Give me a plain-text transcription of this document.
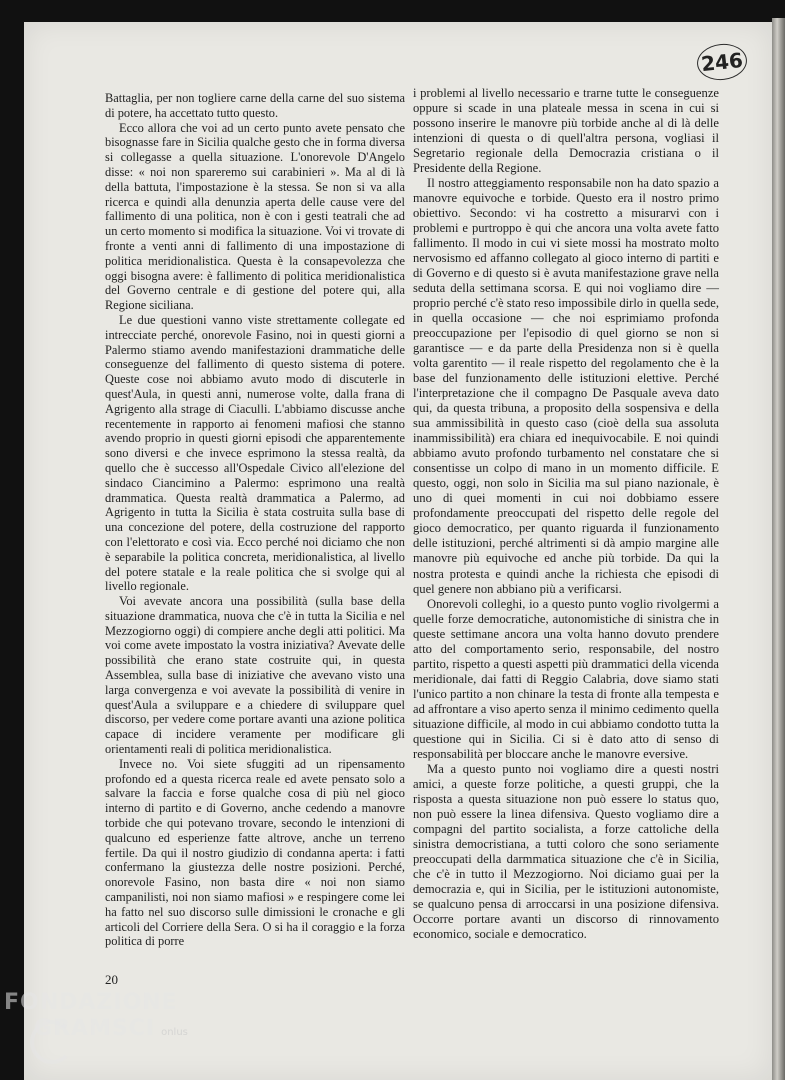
246

Battaglia, per non togliere carne della carne del suo sistema di potere, ha accettato tutto questo.

Ecco allora che voi ad un certo punto avete pensato che bisognasse fare in Sicilia qualche gesto che in forma diversa si collegasse a quella situazione. L'onorevole D'Angelo disse: « noi non spareremo sui carabinieri ». Ma al di là della battuta, l'impostazione è la stessa. Se non si va alla ricerca e quindi alla denunzia aperta delle cause vere del fallimento di una politica, non è con i gesti teatrali che ad un certo momento si modifica la situazione. Voi vi trovate di fronte a venti anni di fallimento di una impostazione di politica meridionalistica. Questa è la consapevolezza che oggi bisogna avere: è fallimento di politica meridionalistica del Governo centrale e di gestione del potere qui, alla Regione siciliana.

Le due questioni vanno viste strettamente collegate ed intrecciate perché, onorevole Fasino, noi in questi giorni a Palermo stiamo avendo manifestazioni drammatiche delle conseguenze del fallimento di questo sistema di potere. Queste cose noi abbiamo avuto modo di discuterle in quest'Aula, in questi anni, numerose volte, dalla frana di Agrigento alla strage di Ciaculli. L'abbiamo discusse anche recentemente in rapporto ai fenomeni mafiosi che stanno avendo proprio in questi giorni episodi che apparentemente sono diversi e che invece esprimono la stessa realtà, da quello che è successo all'Ospedale Civico all'elezione del sindaco Ciancimino a Palermo: esprimono una realtà drammatica. Questa realtà drammatica a Palermo, ad Agrigento in tutta la Sicilia è stata costruita sulla base di una concezione del potere, della costruzione del rapporto con l'elettorato e così via. Ecco perché noi diciamo che non è separabile la politica concreta, meridionalistica, al livello del potere statale e la reale politica che si svolge qui al livello regionale.

Voi avevate ancora una possibilità (sulla base della situazione drammatica, nuova che c'è in tutta la Sicilia e nel Mezzogiorno oggi) di compiere anche degli atti politici. Ma voi come avete impostato la vostra iniziativa? Avevate delle possibilità che erano state costruite qui, in questa Assemblea, sulla base di iniziative che avevano visto una larga convergenza e voi avevate la possibilità di venire in quest'Aula a sviluppare e a chiedere di sviluppare quel discorso, per vedere come portare avanti una azione politica capace di incidere veramente per modificare gli orientamenti reali di politica meridionalistica.

Invece no. Voi siete sfuggiti ad un ripensamento profondo ed a questa ricerca reale ed avete pensato solo a salvare la faccia e forse qualche cosa di più nel gioco interno di partito e di Governo, anche cedendo a manovre torbide che qui potevano trovare, secondo le intenzioni di qualcuno ed esperienze fatte altrove, anche un terreno fertile. Da qui il nostro giudizio di condanna aperta: i fatti confermano la giustezza delle nostre posizioni. Perché, onorevole Fasino, non basta dire « noi non siamo campanilisti, noi non siamo mafiosi » e respingere come lei ha fatto nel suo discorso sulle dimissioni le cronache e gli articoli del Corriere della Sera. O si ha il coraggio e la forza politica di porre

i problemi al livello necessario e trarne tutte le conseguenze oppure si scade in una plateale messa in scena in cui si possono inserire le manovre più torbide anche al di là delle intenzioni di questa o di quell'altra persona, vogliasi il Segretario regionale della Democrazia cristiana o il Presidente della Regione.

Il nostro atteggiamento responsabile non ha dato spazio a manovre equivoche e torbide. Questo era il nostro primo obiettivo. Secondo: vi ha costretto a misurarvi con i problemi e purtroppo è qui che ancora una volta avete fatto fallimento. Il modo in cui vi siete mossi ha mostrato molto nervosismo ed affanno collegato al gioco interno di partiti e di Governo e di questo si è avuta manifestazione grave nella seduta della settimana scorsa. E qui noi vogliamo dire — proprio perché c'è stato reso impossibile dirlo in quella sede, in quella occasione — che noi esprimiamo profonda preoccupazione per l'episodio di quel giorno se non si garantisce — e da parte della Presidenza non si è quella volta garentito — il reale rispetto del regolamento che è la base del funzionamento delle istituzioni elettive. Perché l'interpretazione che il compagno De Pasquale aveva dato qui, da questa tribuna, a proposito della sospensiva e della sua ammissibilità in questo caso (cioè della sua assoluta inammissibilità) era chiara ed inequivocabile. E noi quindi abbiamo avuto profondo turbamento nel constatare che si consentisse un colpo di mano in un momento difficile. E questo, oggi, non solo in Sicilia ma sul piano nazionale, è uno di quei momenti in cui noi dobbiamo essere profondamente preoccupati del rispetto delle regole del gioco democratico, per quanto riguarda il funzionamento delle istituzioni, perché altrimenti si dà ampio margine alle manovre più equivoche ed anche più torbide. Da qui la nostra protesta e quindi anche la richiesta che episodi di quel genere non abbiano più a verificarsi.

Onorevoli colleghi, io a questo punto voglio rivolgermi a quelle forze democratiche, autonomistiche di sinistra che in queste settimane ancora una volta hanno dovuto prendere atto del comportamento serio, responsabile, del nostro partito, rispetto a questi aspetti più drammatici della vicenda meridionale, dai fatti di Reggio Calabria, dove siamo stati l'unico partito a non chinare la testa di fronte alla tempesta e ad affrontare a viso aperto senza il minimo cedimento quella situazione difficile, al modo in cui abbiamo condotto tutta la questione qui in Sicilia. Ci si è dato atto di senso di responsabilità per bloccare anche le manovre eversive.

Ma a questo punto noi vogliamo dire a questi nostri amici, a queste forze politiche, a questi gruppi, che la risposta a questa situazione non può essere lo status quo, non può essere la linea difensiva. Questo vogliamo dire a compagni del partito socialista, a forze cattoliche della sinistra democristiana, a tutti coloro che sono seriamente preoccupati della darmmatica situazione che c'è in Sicilia, che c'è in tutto il Mezzogiorno. Noi diciamo guai per la democrazia e, qui in Sicilia, per le istituzioni autonomiste, se qualcuno pensa di arroccarsi in una posizione difensiva. Occorre portare avanti un discorso di rinnovamento economico, sociale e democratico.

20
FONDAZIONE
GRAMSCI onlus
